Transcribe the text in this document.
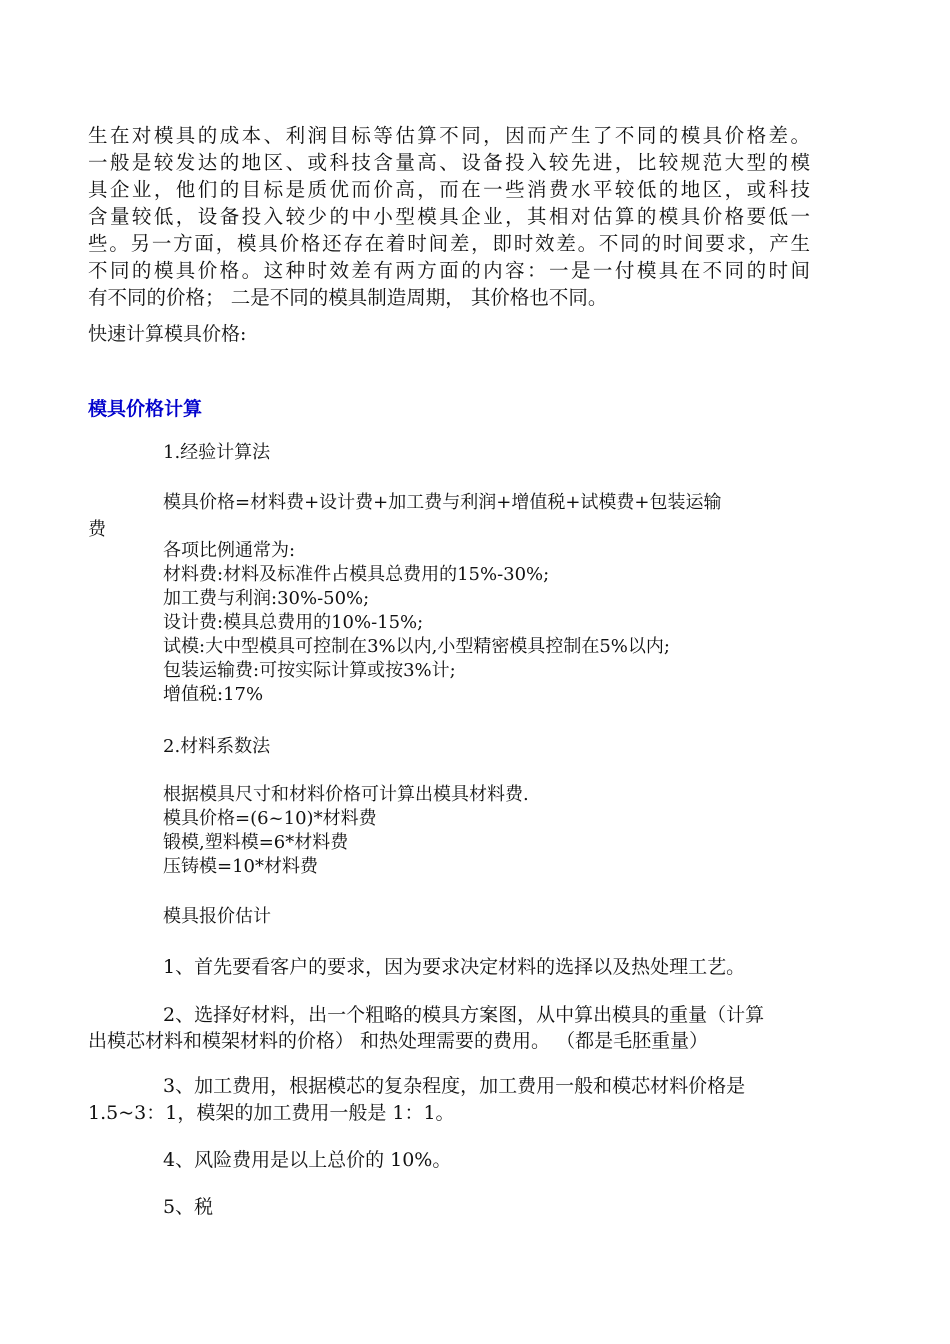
生在对模具的成本、利润目标等估算不同，因而产生了不同的模具价格差。
一般是较发达的地区、或科技含量高、设备投入较先进，比较规范大型的模
具企业，他们的目标是质优而价高，而在一些消费水平较低的地区，或科技
含量较低，设备投入较少的中小型模具企业，其相对估算的模具价格要低一
些。另一方面，模具价格还存在着时间差，即时效差。不同的时间要求，产生
不同的模具价格。这种时效差有两方面的内容：一是一付模具在不同的时间
有不同的价格； 二是不同的模具制造周期， 其价格也不同。
快速计算模具价格:
模具价格计算
1.经验计算法
模具价格=材料费+设计费+加工费与利润+增值税+试模费+包装运输
费
各项比例通常为:
材料费:材料及标准件占模具总费用的15%-30%;
加工费与利润:30%-50%;
设计费:模具总费用的10%-15%;
试模:大中型模具可控制在3%以内,小型精密模具控制在5%以内;
包装运输费:可按实际计算或按3%计;
增值税:17%
2.材料系数法
根据模具尺寸和材料价格可计算出模具材料费.
模具价格=(6~10)*材料费
锻模,塑料模=6*材料费
压铸模=10*材料费
模具报价估计
1、首先要看客户的要求，因为要求决定材料的选择以及热处理工艺。
2、选择好材料，出一个粗略的模具方案图，从中算出模具的重量（计算
出模芯材料和模架材料的价格） 和热处理需要的费用。 （都是毛胚重量）
3、加工费用，根据模芯的复杂程度，加工费用一般和模芯材料价格是
1.5~3：1，模架的加工费用一般是 1：1。
4、风险费用是以上总价的 10%。
5、税
